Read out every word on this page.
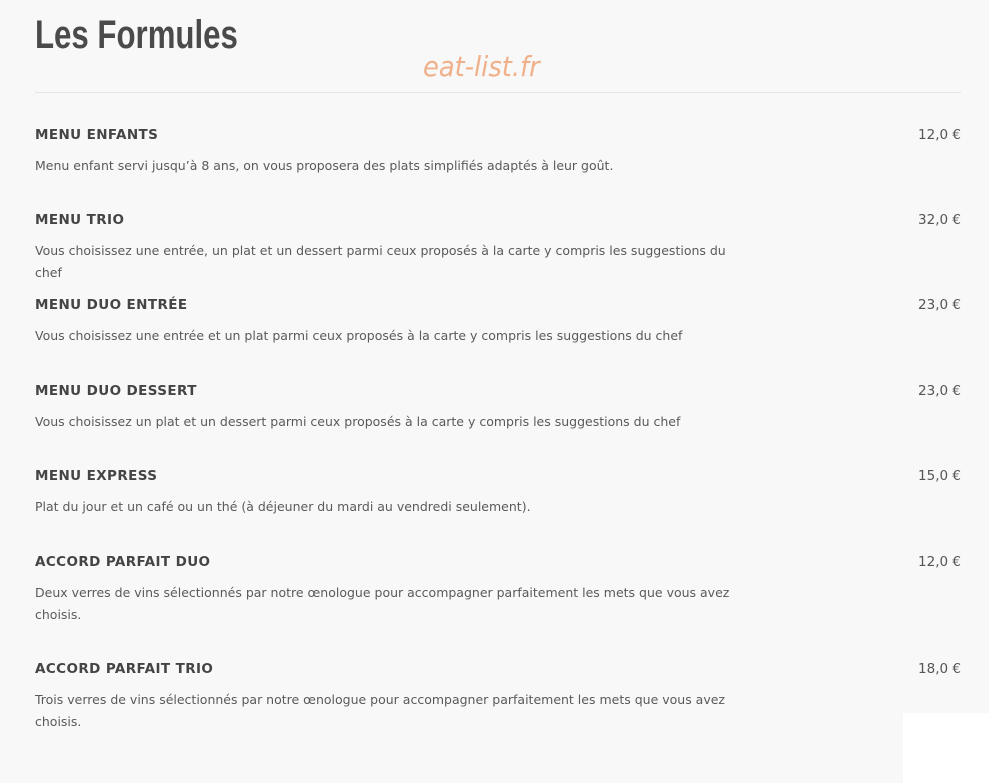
Les Formules
eat-list.fr
MENU ENFANTS	12,0 €
Menu enfant servi jusqu’à 8 ans, on vous proposera des plats simplifiés adaptés à leur goût.
MENU TRIO	32,0 €
Vous choisissez une entrée, un plat et un dessert parmi ceux proposés à la carte y compris les suggestions du chef
MENU DUO ENTRÉE	23,0 €
Vous choisissez une entrée et un plat parmi ceux proposés à la carte y compris les suggestions du chef
MENU DUO DESSERT	23,0 €
Vous choisissez un plat et un dessert parmi ceux proposés à la carte y compris les suggestions du chef
MENU EXPRESS	15,0 €
Plat du jour et un café ou un thé (à déjeuner du mardi au vendredi seulement).
ACCORD PARFAIT DUO	12,0 €
Deux verres de vins sélectionnés par notre œnologue pour accompagner parfaitement les mets que vous avez choisis.
ACCORD PARFAIT TRIO	18,0 €
Trois verres de vins sélectionnés par notre œnologue pour accompagner parfaitement les mets que vous avez choisis.
